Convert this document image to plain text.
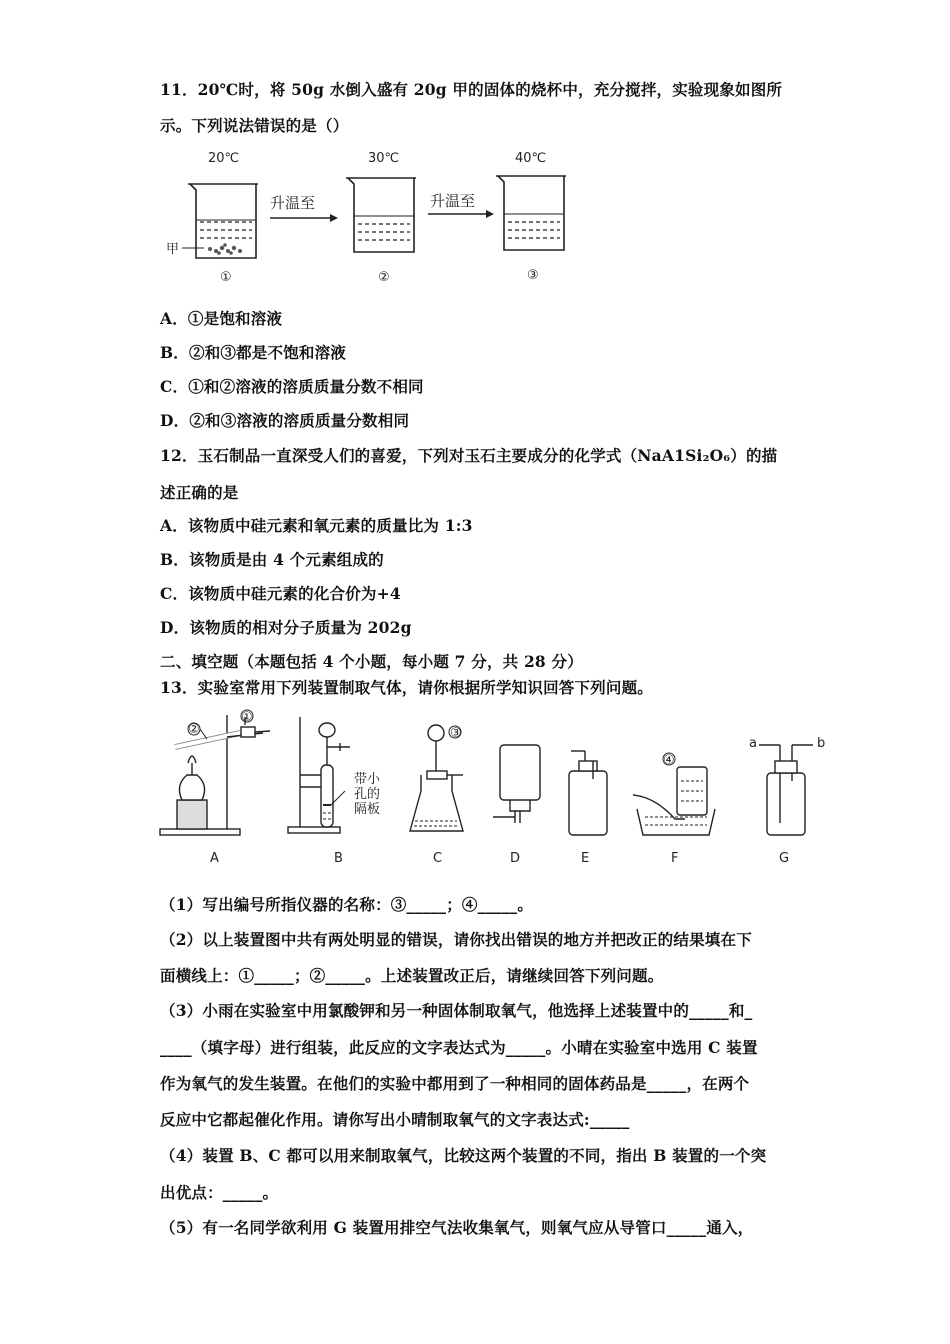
11．20℃时，将 50g 水倒入盛有 20g 甲的固体的烧杯中，充分搅拌，实验现象如图所
示。下列说法错误的是（）
20℃	30℃	40℃
甲
①
升温至
②
升温至
③
A．①是饱和溶液
B．②和③都是不饱和溶液
C．①和②溶液的溶质质量分数不相同
D．②和③溶液的溶质质量分数相同
12．玉石制品一直深受人们的喜爱，下列对玉石主要成分的化学式（NaA1Si₂O₆）的描
述正确的是
A．该物质中硅元素和氧元素的质量比为 1:3
B．该物质是由 4 个元素组成的
C．该物质中硅元素的化合价为+4
D．该物质的相对分子质量为 202g
二、填空题（本题包括 4 个小题，每小题 7 分，共 28 分）
13．实验室常用下列装置制取气体，请你根据所学知识回答下列问题。
②
①
③
④
带小
孔的
隔板
a	b
A	B	C	D	E	F	G
（1）写出编号所指仪器的名称：③_____；④_____。
（2）以上装置图中共有两处明显的错误，请你找出错误的地方并把改正的结果填在下
面横线上：①_____；②_____。上述装置改正后，请继续回答下列问题。
（3）小雨在实验室中用氯酸钾和另一种固体制取氧气，他选择上述装置中的_____和_
____（填字母）进行组装，此反应的文字表达式为_____。小晴在实验室中选用 C 装置
作为氧气的发生装置。在他们的实验中都用到了一种相同的固体药品是_____，在两个
反应中它都起催化作用。请你写出小晴制取氧气的文字表达式:_____
（4）装置 B、C 都可以用来制取氧气，比较这两个装置的不同，指出 B 装置的一个突
出优点：_____。
（5）有一名同学欲利用 G 装置用排空气法收集氧气，则氧气应从导管口_____通入，
